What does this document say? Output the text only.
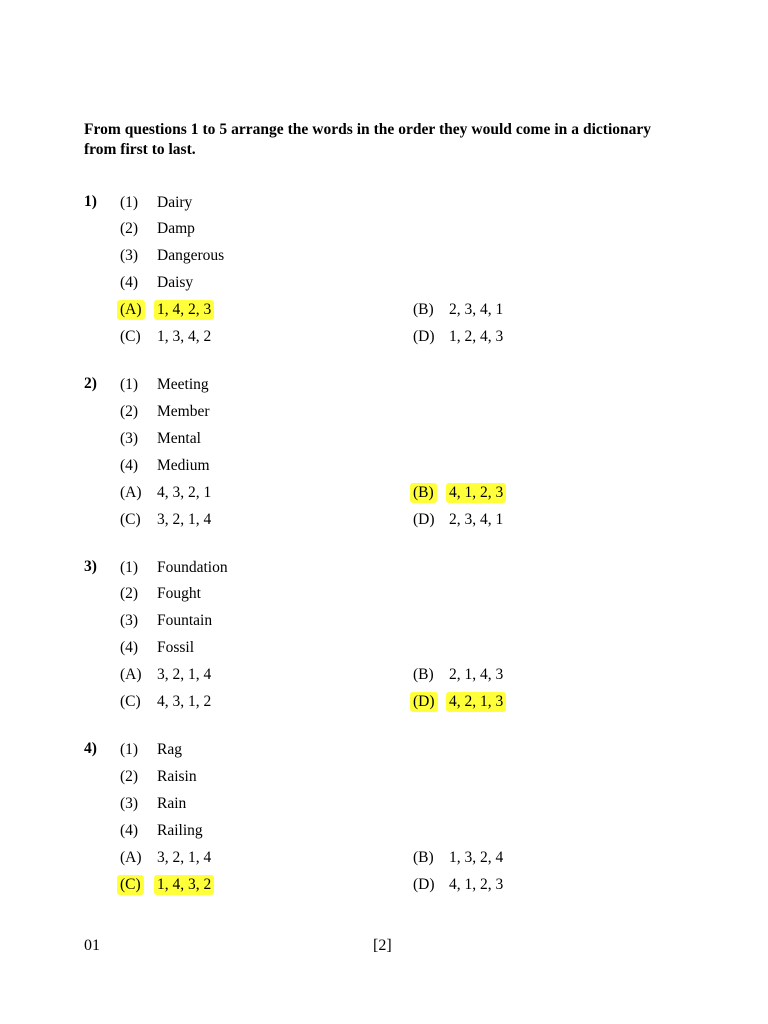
From questions 1 to 5 arrange the words in the order they would come in a dictionary from first to last.
1) (1) Dairy
(2) Damp
(3) Dangerous
(4) Daisy
(A) 1, 4, 2, 3	(B) 2, 3, 4, 1
(C) 1, 3, 4, 2	(D) 1, 2, 4, 3
2) (1) Meeting
(2) Member
(3) Mental
(4) Medium
(A) 4, 3, 2, 1	(B) 4, 1, 2, 3
(C) 3, 2, 1, 4	(D) 2, 3, 4, 1
3) (1) Foundation
(2) Fought
(3) Fountain
(4) Fossil
(A) 3, 2, 1, 4	(B) 2, 1, 4, 3
(C) 4, 3, 1, 2	(D) 4, 2, 1, 3
4) (1) Rag
(2) Raisin
(3) Rain
(4) Railing
(A) 3, 2, 1, 4	(B) 1, 3, 2, 4
(C) 1, 4, 3, 2	(D) 4, 1, 2, 3
01	[2]
